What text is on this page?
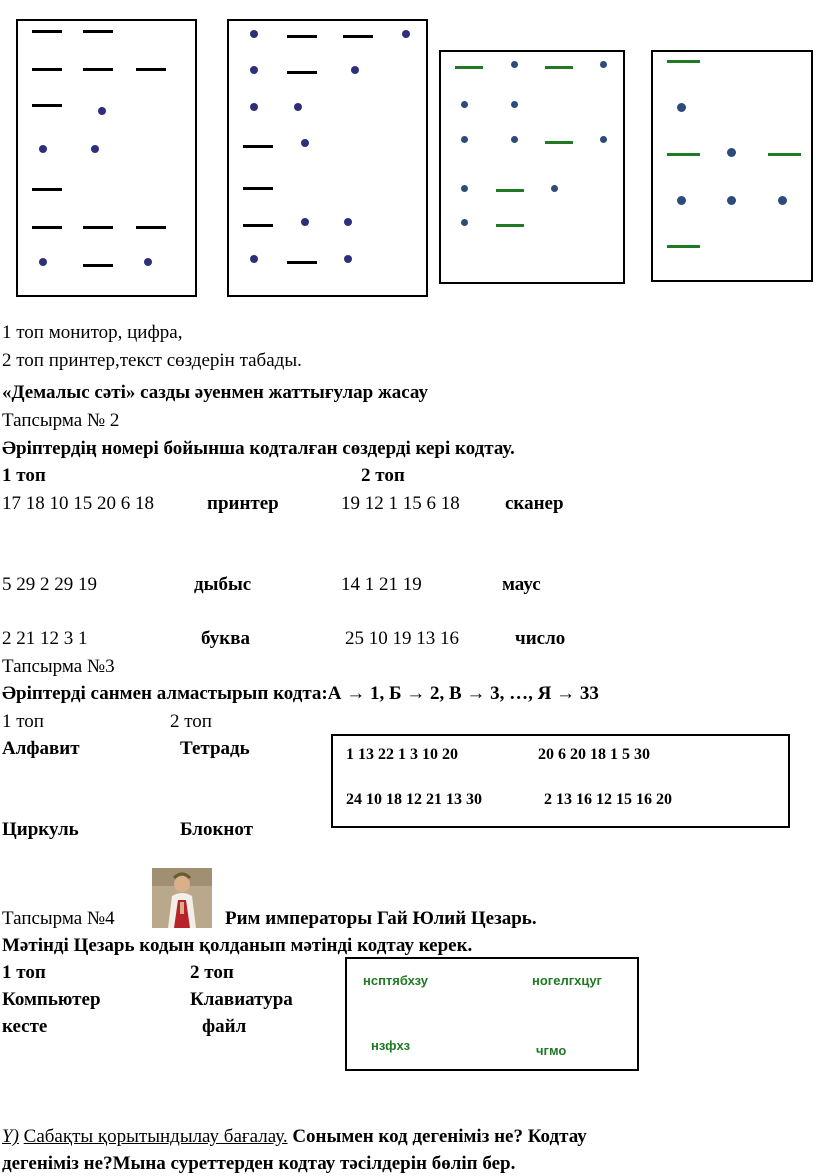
1 топ монитор, цифра,
2 топ принтер,текст сөздерін табады.
«Демалыс сәті» сазды әуенмен жаттығулар жасау
Тапсырма № 2
Әріптердің номері бойынша кодталған сөздерді кері кодтау.
1 топ	2 топ
17 18 10 15 20 6 18	принтер	19 12 1 15 6 18 сканер
5 29 2 29 19	дыбыс	14 1 21 19	маус
2 21 12 3 1	буква	25 10 19 13 16	число
Тапсырма №3
Әріптерді санмен алмастырып кодта:А → 1, Б → 2, В → 3, …, Я → 33
1 топ	2 топ
Алфавит	Тетрадь
Циркуль	Блокнот
1 13 22 1 3 10 20	20 6 20 18 1 5 30
24 10 18 12 21 13 30	2 13 16 12 15 16 20
Тапсырма №4	Рим императоры Гай Юлий Цезарь.
Мәтінді Цезарь кодын қолданып мәтінді кодтау керек.
1 топ	2 топ
Компьютер	Клавиатура
кесте	файл
нсптябхзу	ногелгхцуг
нзфхз	чгмо
Ү) Сабақты қорытындылау бағалау. Сонымен код дегеніміз не? Кодтау
дегеніміз не?Мына суреттерден кодтау тәсілдерін бөліп бер.
